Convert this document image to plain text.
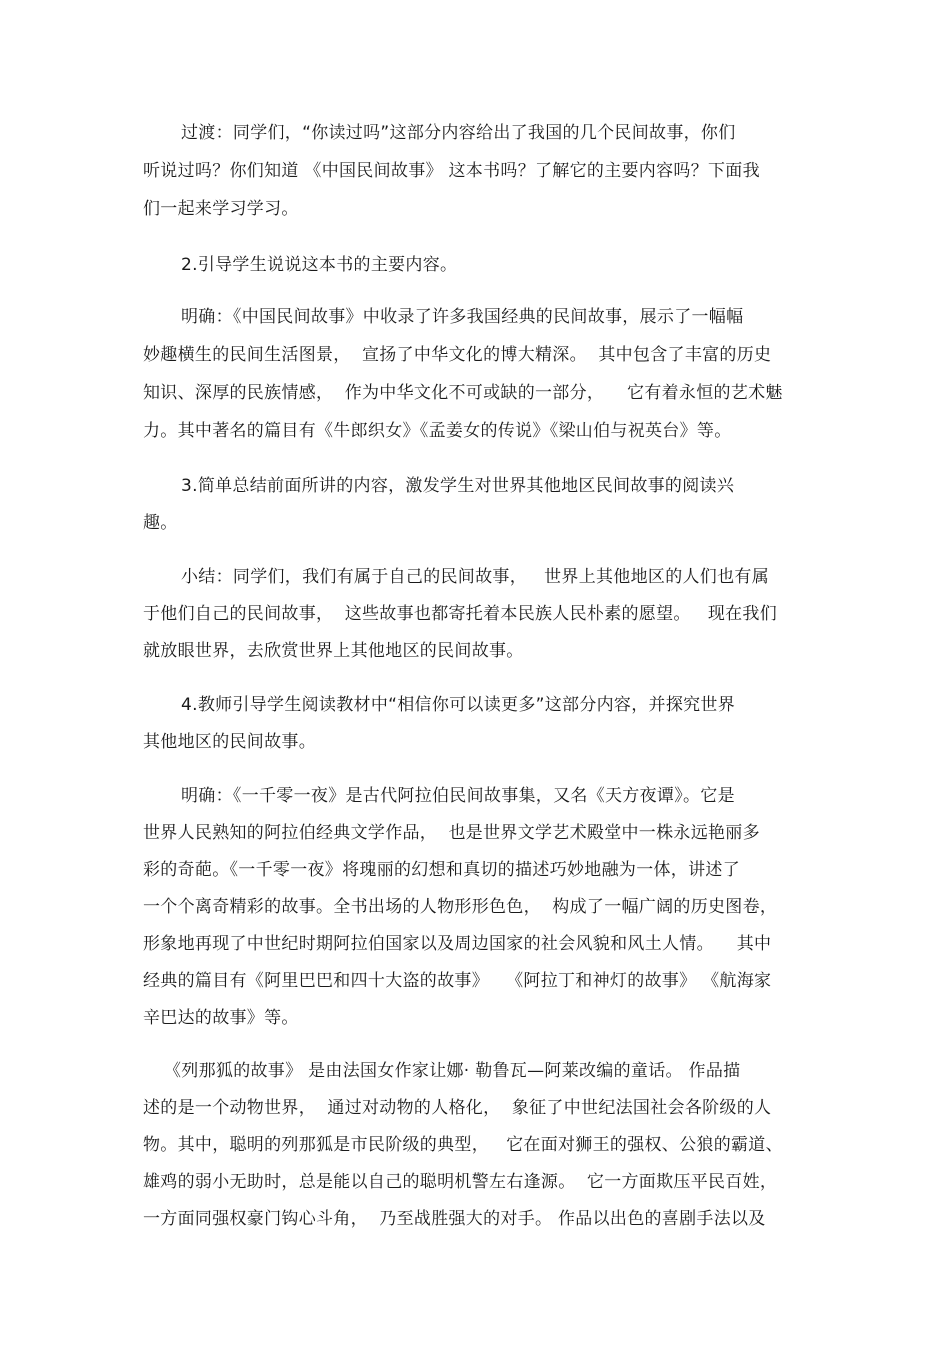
过渡：同学们，“你读过吗”这部分内容给出了我国的几个民间故事，你们
听说过吗？你们知道 《中国民间故事》 这本书吗？了解它的主要内容吗？下面我
们一起来学习学习。
2.引导学生说说这本书的主要内容。
明确：《中国民间故事》中收录了许多我国经典的民间故事，展示了一幅幅
妙趣横生的民间生活图景，  宣扬了中华文化的博大精深。  其中包含了丰富的历史
知识、深厚的民族情感，  作为中华文化不可或缺的一部分，    它有着永恒的艺术魅
力。其中著名的篇目有《牛郎织女》《孟姜女的传说》《梁山伯与祝英台》等。
3.简单总结前面所讲的内容，激发学生对世界其他地区民间故事的阅读兴
趣。
小结：同学们，我们有属于自己的民间故事，   世界上其他地区的人们也有属
于他们自己的民间故事，  这些故事也都寄托着本民族人民朴素的愿望。   现在我们
就放眼世界，去欣赏世界上其他地区的民间故事。
4.教师引导学生阅读教材中“相信你可以读更多”这部分内容，并探究世界
其他地区的民间故事。
明确：《一千零一夜》是古代阿拉伯民间故事集，又名《天方夜谭》。它是
世界人民熟知的阿拉伯经典文学作品，  也是世界文学艺术殿堂中一株永远艳丽多
彩的奇葩。《一千零一夜》将瑰丽的幻想和真切的描述巧妙地融为一体，讲述了
一个个离奇精彩的故事。全书出场的人物形形色色，  构成了一幅广阔的历史图卷，
形象地再现了中世纪时期阿拉伯国家以及周边国家的社会风貌和风土人情。    其中
经典的篇目有《阿里巴巴和四十大盗的故事》   《阿拉丁和神灯的故事》 《航海家
辛巴达的故事》等。
《列那狐的故事》 是由法国女作家让娜· 勒鲁瓦—阿莱改编的童话。 作品描
述的是一个动物世界，  通过对动物的人格化，  象征了中世纪法国社会各阶级的人
物。其中，聪明的列那狐是市民阶级的典型，   它在面对狮王的强权、公狼的霸道、
雄鸡的弱小无助时，总是能以自己的聪明机警左右逢源。  它一方面欺压平民百姓，
一方面同强权豪门钩心斗角，  乃至战胜强大的对手。 作品以出色的喜剧手法以及
